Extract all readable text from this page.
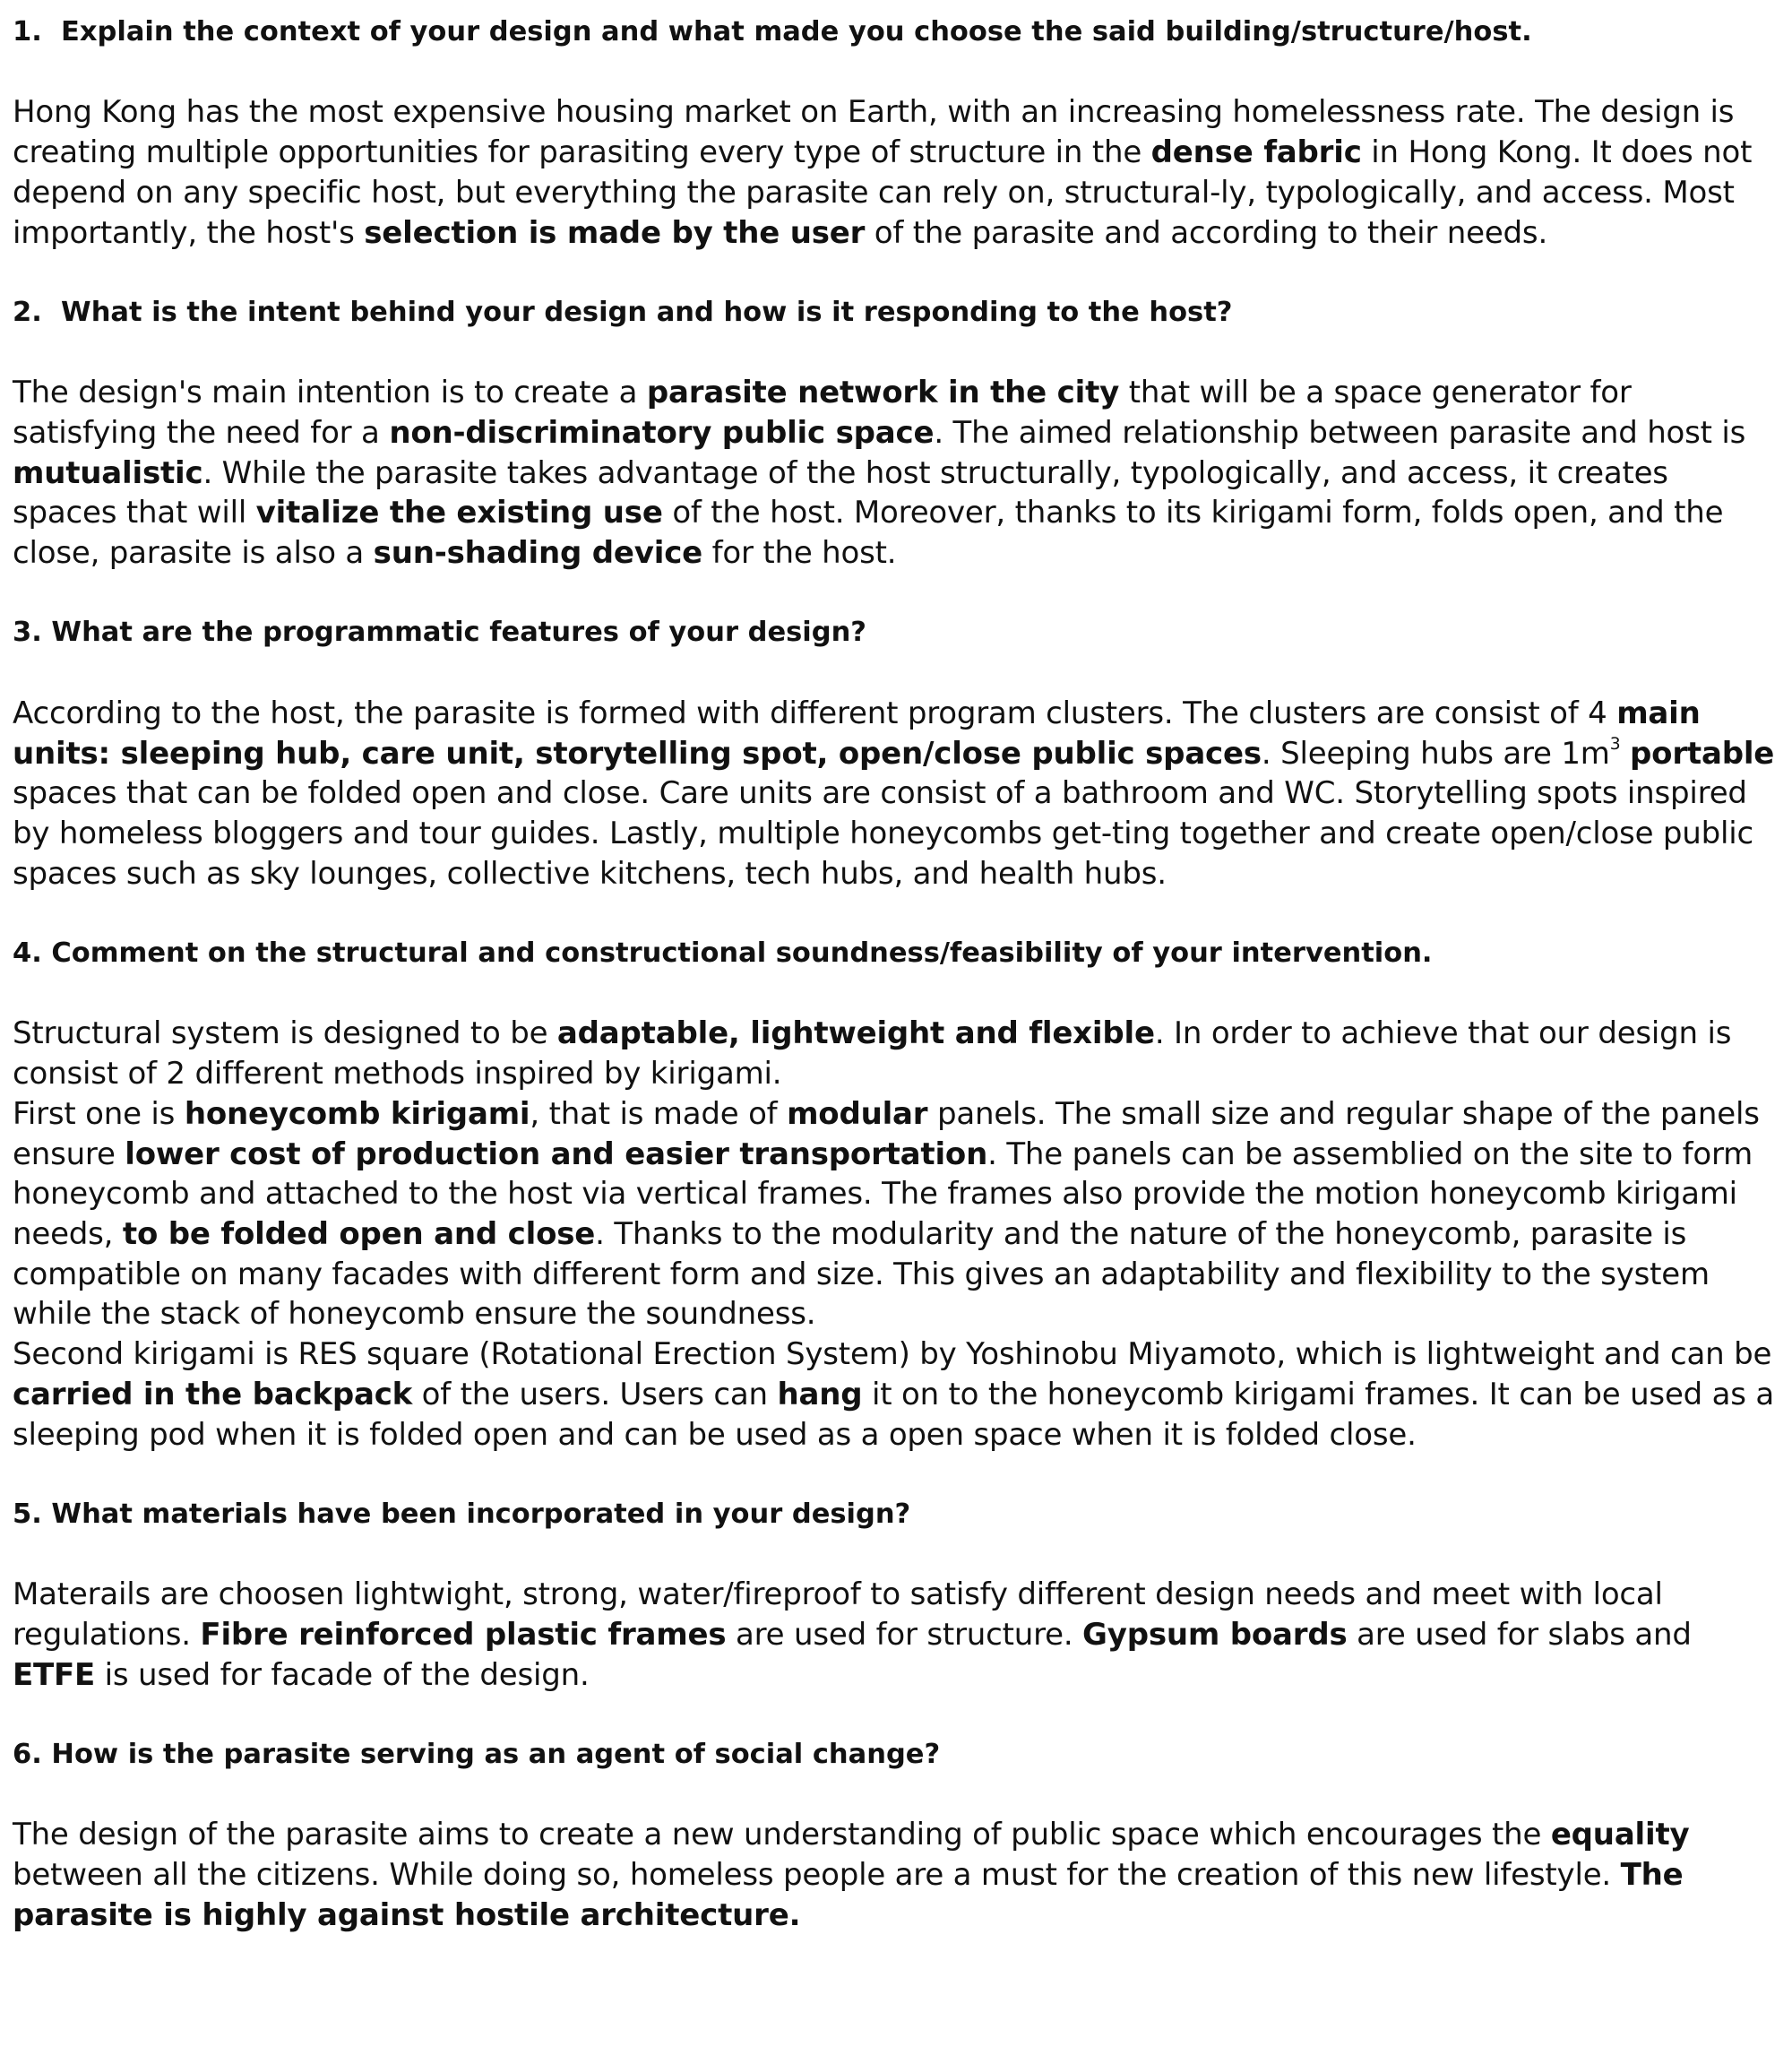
1.  Explain the context of your design and what made you choose the said building/structure/host.

Hong Kong has the most expensive housing market on Earth, with an increasing homelessness rate. The design is creating multiple opportunities for parasiting every type of structure in the dense fabric in Hong Kong. It does not depend on any specific host, but everything the parasite can rely on, structural-ly, typologically, and access. Most importantly, the host's selection is made by the user of the parasite and according to their needs.

2.  What is the intent behind your design and how is it responding to the host?

The design's main intention is to create a parasite network in the city that will be a space generator for satisfying the need for a non-discriminatory public space. The aimed relationship between parasite and host is mutualistic. While the parasite takes advantage of the host structurally, typologically, and access, it creates spaces that will vitalize the existing use of the host. Moreover, thanks to its kirigami form, folds open, and the close, parasite is also a sun-shading device for the host.

3. What are the programmatic features of your design?

According to the host, the parasite is formed with different program clusters. The clusters are consist of 4 main units: sleeping hub, care unit, storytelling spot, open/close public spaces. Sleeping hubs are $1m^3$ portable spaces that can be folded open and close. Care units are consist of a bathroom and WC. Storytelling spots inspired by homeless bloggers and tour guides. Lastly, multiple honeycombs get-ting together and create open/close public spaces such as sky lounges, collective kitchens, tech hubs, and health hubs.

4. Comment on the structural and constructional soundness/feasibility of your intervention.

Structural system is designed to be adaptable, lightweight and flexible. In order to achieve that our design is consist of 2 different methods inspired by kirigami.

First one is honeycomb kirigami, that is made of modular panels. The small size and regular shape of the panels ensure lower cost of production and easier transportation. The panels can be assemblied on the site to form honeycomb and attached to the host via vertical frames. The frames also provide the motion honeycomb kirigami needs, to be folded open and close. Thanks to the modularity and the nature of the honeycomb, parasite is compatible on many facades with different form and size. This gives an adaptability and flexibility to the system while the stack of honeycomb ensure the soundness.

Second kirigami is RES square (Rotational Erection System) by Yoshinobu Miyamoto, which is lightweight and can be carried in the backpack of the users. Users can hang it on to the honeycomb kirigami frames. It can be used as a sleeping pod when it is folded open and can be used as a open space when it is folded close.

5. What materials have been incorporated in your design?

Materails are choosen lightwight, strong, water/fireproof to satisfy different design needs and meet with local regulations. Fibre reinforced plastic frames are used for structure. Gypsum boards are used for slabs and ETFE is used for facade of the design.

6. How is the parasite serving as an agent of social change?

The design of the parasite aims to create a new understanding of public space which encourages the equality between all the citizens. While doing so, homeless people are a must for the creation of this new lifestyle. The parasite is highly against hostile architecture.
